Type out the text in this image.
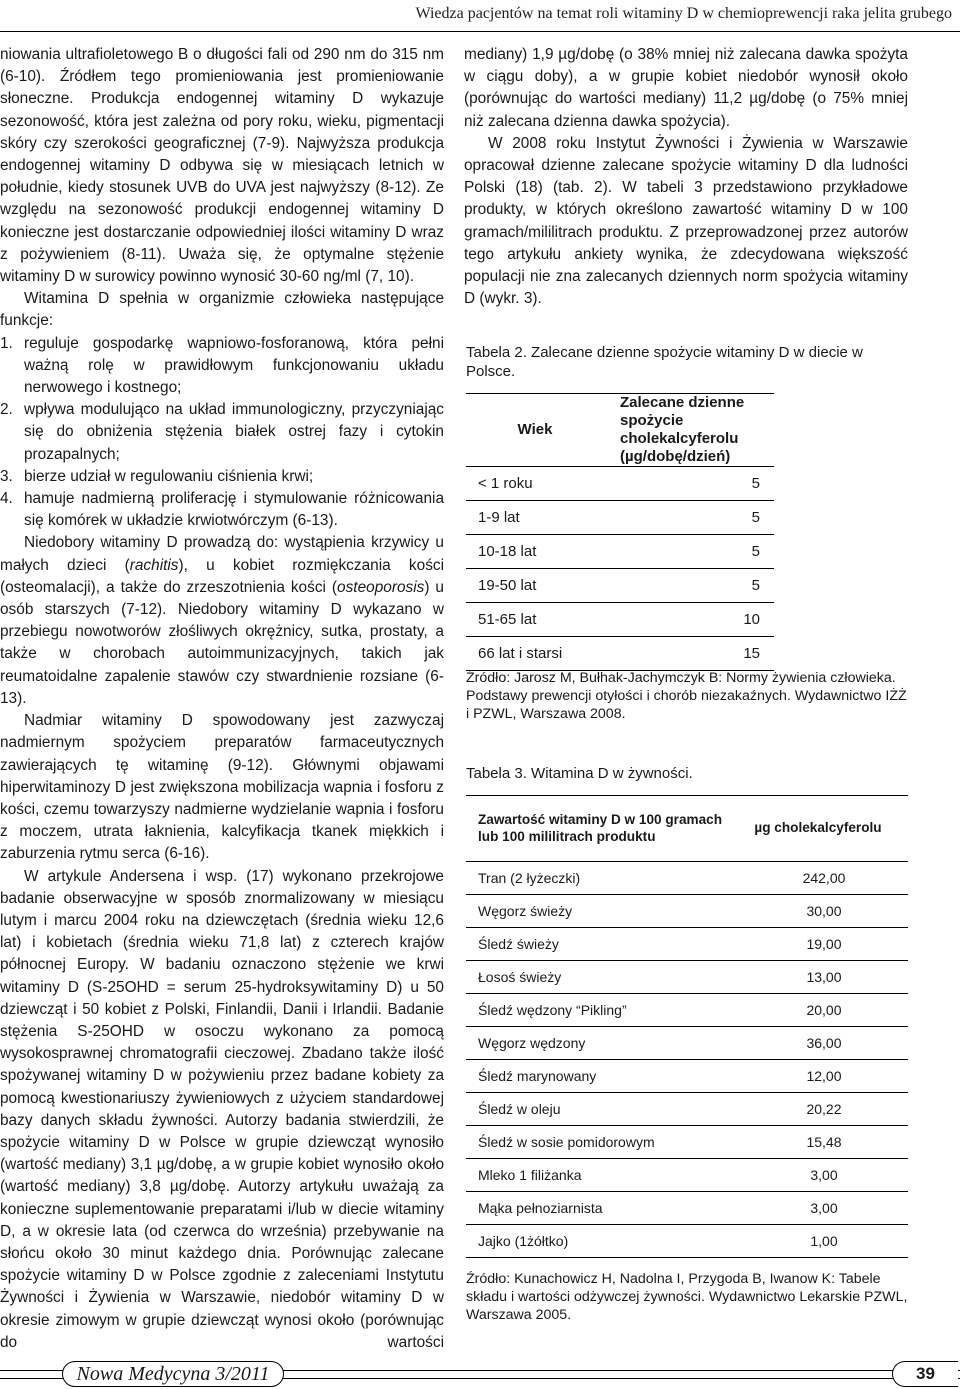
Wiedza pacjentów na temat roli witaminy D w chemioprewencji raka jelita grubego

niowania ultrafioletowego B o długości fali od 290 nm do 315 nm (6-10). Źródłem tego promieniowania jest promieniowanie słoneczne. Produkcja endogennej witaminy D wykazuje sezonowość, która jest zależna od pory roku, wieku, pigmentacji skóry czy szerokości geograficznej (7-9). Najwyższa produkcja endogennej witaminy D odbywa się w miesiącach letnich w południe, kiedy stosunek UVB do UVA jest najwyższy (8-12). Ze względu na sezonowość produkcji endogennej witaminy D konieczne jest dostarczanie odpowiedniej ilości witaminy D wraz z pożywieniem (8-11). Uważa się, że optymalne stężenie witaminy D w surowicy powinno wynosić 30-60 ng/ml (7, 10).

Witamina D spełnia w organizmie człowieka następujące funkcje:

1. reguluje gospodarkę wapniowo-fosforanową, która pełni ważną rolę w prawidłowym funkcjonowaniu układu nerwowego i kostnego;
2. wpływa modulująco na układ immunologiczny, przyczyniając się do obniżenia stężenia białek ostrej fazy i cytokin prozapalnych;
3. bierze udział w regulowaniu ciśnienia krwi;
4. hamuje nadmierną proliferację i stymulowanie różnicowania się komórek w układzie krwiotwórczym (6-13).

Niedobory witaminy D prowadzą do: wystąpienia krzywicy u małych dzieci (rachitis), u kobiet rozmiękczania kości (osteomalacji), a także do zrzeszotnienia kości (osteoporosis) u osób starszych (7-12). Niedobory witaminy D wykazano w przebiegu nowotworów złośliwych okrężnicy, sutka, prostaty, a także w chorobach autoimmunizacyjnych, takich jak reumatoidalne zapalenie stawów czy stwardnienie rozsiane (6-13).

Nadmiar witaminy D spowodowany jest zazwyczaj nadmiernym spożyciem preparatów farmaceutycznych zawierających tę witaminę (9-12). Głównymi objawami hiperwitaminozy D jest zwiększona mobilizacja wapnia i fosforu z kości, czemu towarzyszy nadmierne wydzielanie wapnia i fosforu z moczem, utrata łaknienia, kalcyfikacja tkanek miękkich i zaburzenia rytmu serca (6-16).

W artykule Andersena i wsp. (17) wykonano przekrojowe badanie obserwacyjne w sposób znormalizowany w miesiącu lutym i marcu 2004 roku na dziewczętach (średnia wieku 12,6 lat) i kobietach (średnia wieku 71,8 lat) z czterech krajów północnej Europy. W badaniu oznaczono stężenie we krwi witaminy D (S-25OHD = serum 25-hydroksywitaminy D) u 50 dziewcząt i 50 kobiet z Polski, Finlandii, Danii i Irlandii. Badanie stężenia S-25OHD w osoczu wykonano za pomocą wysokosprawnej chromatografii cieczowej. Zbadano także ilość spożywanej witaminy D w pożywieniu przez badane kobiety za pomocą kwestionariuszy żywieniowych z użyciem standardowej bazy danych składu żywności. Autorzy badania stwierdzili, że spożycie witaminy D w Polsce w grupie dziewcząt wynosiło (wartość mediany) 3,1 µg/dobę, a w grupie kobiet wynosiło około (wartość mediany) 3,8 µg/dobę. Autorzy artykułu uważają za konieczne suplementowanie preparatami i/lub w diecie witaminy D, a w okresie lata (od czerwca do września) przebywanie na słońcu około 30 minut każdego dnia. Porównując zalecane spożycie witaminy D w Polsce zgodnie z zaleceniami Instytutu Żywności i Żywienia w Warszawie, niedobór witaminy D w okresie zimowym w grupie dziewcząt wynosi około (porównując do wartości

mediany) 1,9 µg/dobę (o 38% mniej niż zalecana dawka spożyta w ciągu doby), a w grupie kobiet niedobór wynosił około (porównując do wartości mediany) 11,2 µg/dobę (o 75% mniej niż zalecana dzienna dawka spożycia).

W 2008 roku Instytut Żywności i Żywienia w Warszawie opracował dzienne zalecane spożycie witaminy D dla ludności Polski (18) (tab. 2). W tabeli 3 przedstawiono przykładowe produkty, w których określono zawartość witaminy D w 100 gramach/mililitrach produktu. Z przeprowadzonej przez autorów tego artykułu ankiety wynika, że zdecydowana większość populacji nie zna zalecanych dziennych norm spożycia witaminy D (wykr. 3).

Tabela 2. Zalecane dzienne spożycie witaminy D w diecie w Polsce.

Wiek	Zalecane dzienne spożycie cholekalcyferolu (µg/dobę/dzień)
< 1 roku	5
1-9 lat	5
10-18 lat	5
19-50 lat	5
51-65 lat	10
66 lat i starsi	15

Źródło: Jarosz M, Bułhak-Jachymczyk B: Normy żywienia człowieka. Podstawy prewencji otyłości i chorób niezakaźnych. Wydawnictwo IŻŻ i PZWL, Warszawa 2008.

Tabela 3. Witamina D w żywności.

Zawartość witaminy D w 100 gramach lub 100 mililitrach produktu	µg cholekalcyferolu
Tran (2 łyżeczki)	242,00
Węgorz świeży	30,00
Śledź świeży	19,00
Łosoś świeży	13,00
Śledź wędzony “Pikling”	20,00
Węgorz wędzony	36,00
Śledź marynowany	12,00
Śledź w oleju	20,22
Śledź w sosie pomidorowym	15,48
Mleko 1 filiżanka	3,00
Mąka pełnoziarnista	3,00
Jajko (1żółtko)	1,00

Źródło: Kunachowicz H, Nadolna I, Przygoda B, Iwanow K: Tabele składu i wartości odżywczej żywności. Wydawnictwo Lekarskie PZWL, Warszawa 2005.

Nowa Medycyna 3/2011	39
